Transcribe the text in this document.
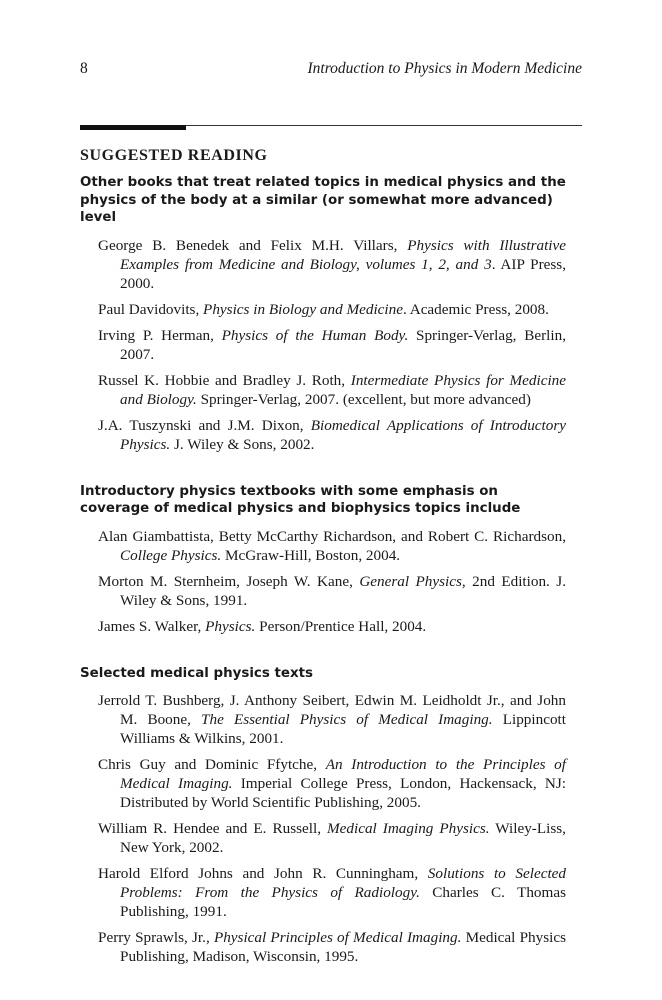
8	Introduction to Physics in Modern Medicine
SUGGESTED READING
Other books that treat related topics in medical physics and the physics of the body at a similar (or somewhat more advanced) level
George B. Benedek and Felix M.H. Villars, Physics with Illustrative Examples from Medicine and Biology, volumes 1, 2, and 3. AIP Press, 2000.
Paul Davidovits, Physics in Biology and Medicine. Academic Press, 2008.
Irving P. Herman, Physics of the Human Body. Springer-Verlag, Berlin, 2007.
Russel K. Hobbie and Bradley J. Roth, Intermediate Physics for Medicine and Biology. Springer-Verlag, 2007. (excellent, but more advanced)
J.A. Tuszynski and J.M. Dixon, Biomedical Applications of Introductory Physics. J. Wiley & Sons, 2002.
Introductory physics textbooks with some emphasis on coverage of medical physics and biophysics topics include
Alan Giambattista, Betty McCarthy Richardson, and Robert C. Richardson, College Physics. McGraw-Hill, Boston, 2004.
Morton M. Sternheim, Joseph W. Kane, General Physics, 2nd Edition. J. Wiley & Sons, 1991.
James S. Walker, Physics. Person/Prentice Hall, 2004.
Selected medical physics texts
Jerrold T. Bushberg, J. Anthony Seibert, Edwin M. Leidholdt Jr., and John M. Boone, The Essential Physics of Medical Imaging. Lippincott Williams & Wilkins, 2001.
Chris Guy and Dominic Ffytche, An Introduction to the Principles of Medical Imaging. Imperial College Press, London, Hackensack, NJ: Distributed by World Scientific Publishing, 2005.
William R. Hendee and E. Russell, Medical Imaging Physics. Wiley-Liss, New York, 2002.
Harold Elford Johns and John R. Cunningham, Solutions to Selected Problems: From the Physics of Radiology. Charles C. Thomas Publishing, 1991.
Perry Sprawls, Jr., Physical Principles of Medical Imaging. Medical Physics Publishing, Madison, Wisconsin, 1995.
